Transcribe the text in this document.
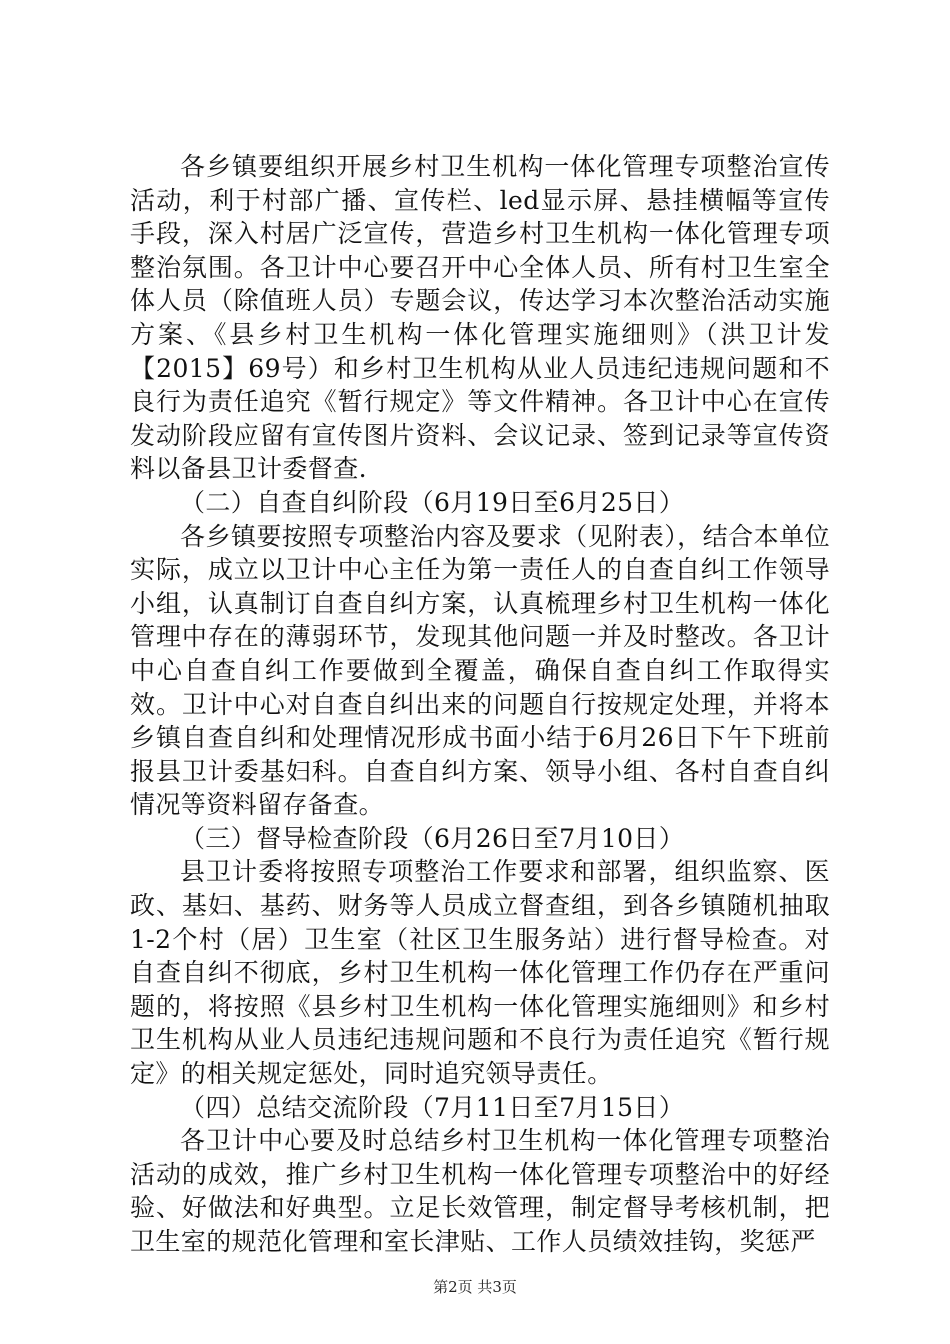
各乡镇要组织开展乡村卫生机构一体化管理专项整治宣传活动，利于村部广播、宣传栏、led显示屏、悬挂横幅等宣传手段，深入村居广泛宣传，营造乡村卫生机构一体化管理专项整治氛围。各卫计中心要召开中心全体人员、所有村卫生室全体人员（除值班人员）专题会议，传达学习本次整治活动实施方案、《县乡村卫生机构一体化管理实施细则》（洪卫计发【2015】69号）和乡村卫生机构从业人员违纪违规问题和不良行为责任追究《暂行规定》等文件精神。各卫计中心在宣传发动阶段应留有宣传图片资料、会议记录、签到记录等宣传资料以备县卫计委督查.

（二）自查自纠阶段（6月19日至6月25日）

各乡镇要按照专项整治内容及要求（见附表），结合本单位实际，成立以卫计中心主任为第一责任人的自查自纠工作领导小组，认真制订自查自纠方案，认真梳理乡村卫生机构一体化管理中存在的薄弱环节，发现其他问题一并及时整改。各卫计中心自查自纠工作要做到全覆盖，确保自查自纠工作取得实效。卫计中心对自查自纠出来的问题自行按规定处理，并将本乡镇自查自纠和处理情况形成书面小结于6月26日下午下班前报县卫计委基妇科。自查自纠方案、领导小组、各村自查自纠情况等资料留存备查。

（三）督导检查阶段（6月26日至7月10日）

县卫计委将按照专项整治工作要求和部署，组织监察、医政、基妇、基药、财务等人员成立督查组，到各乡镇随机抽取1-2个村（居）卫生室（社区卫生服务站）进行督导检查。对自查自纠不彻底，乡村卫生机构一体化管理工作仍存在严重问题的，将按照《县乡村卫生机构一体化管理实施细则》和乡村卫生机构从业人员违纪违规问题和不良行为责任追究《暂行规定》的相关规定惩处，同时追究领导责任。

（四）总结交流阶段（7月11日至7月15日）

各卫计中心要及时总结乡村卫生机构一体化管理专项整治活动的成效，推广乡村卫生机构一体化管理专项整治中的好经验、好做法和好典型。立足长效管理，制定督导考核机制，把卫生室的规范化管理和室长津贴、工作人员绩效挂钩，奖惩严

第2页 共3页
